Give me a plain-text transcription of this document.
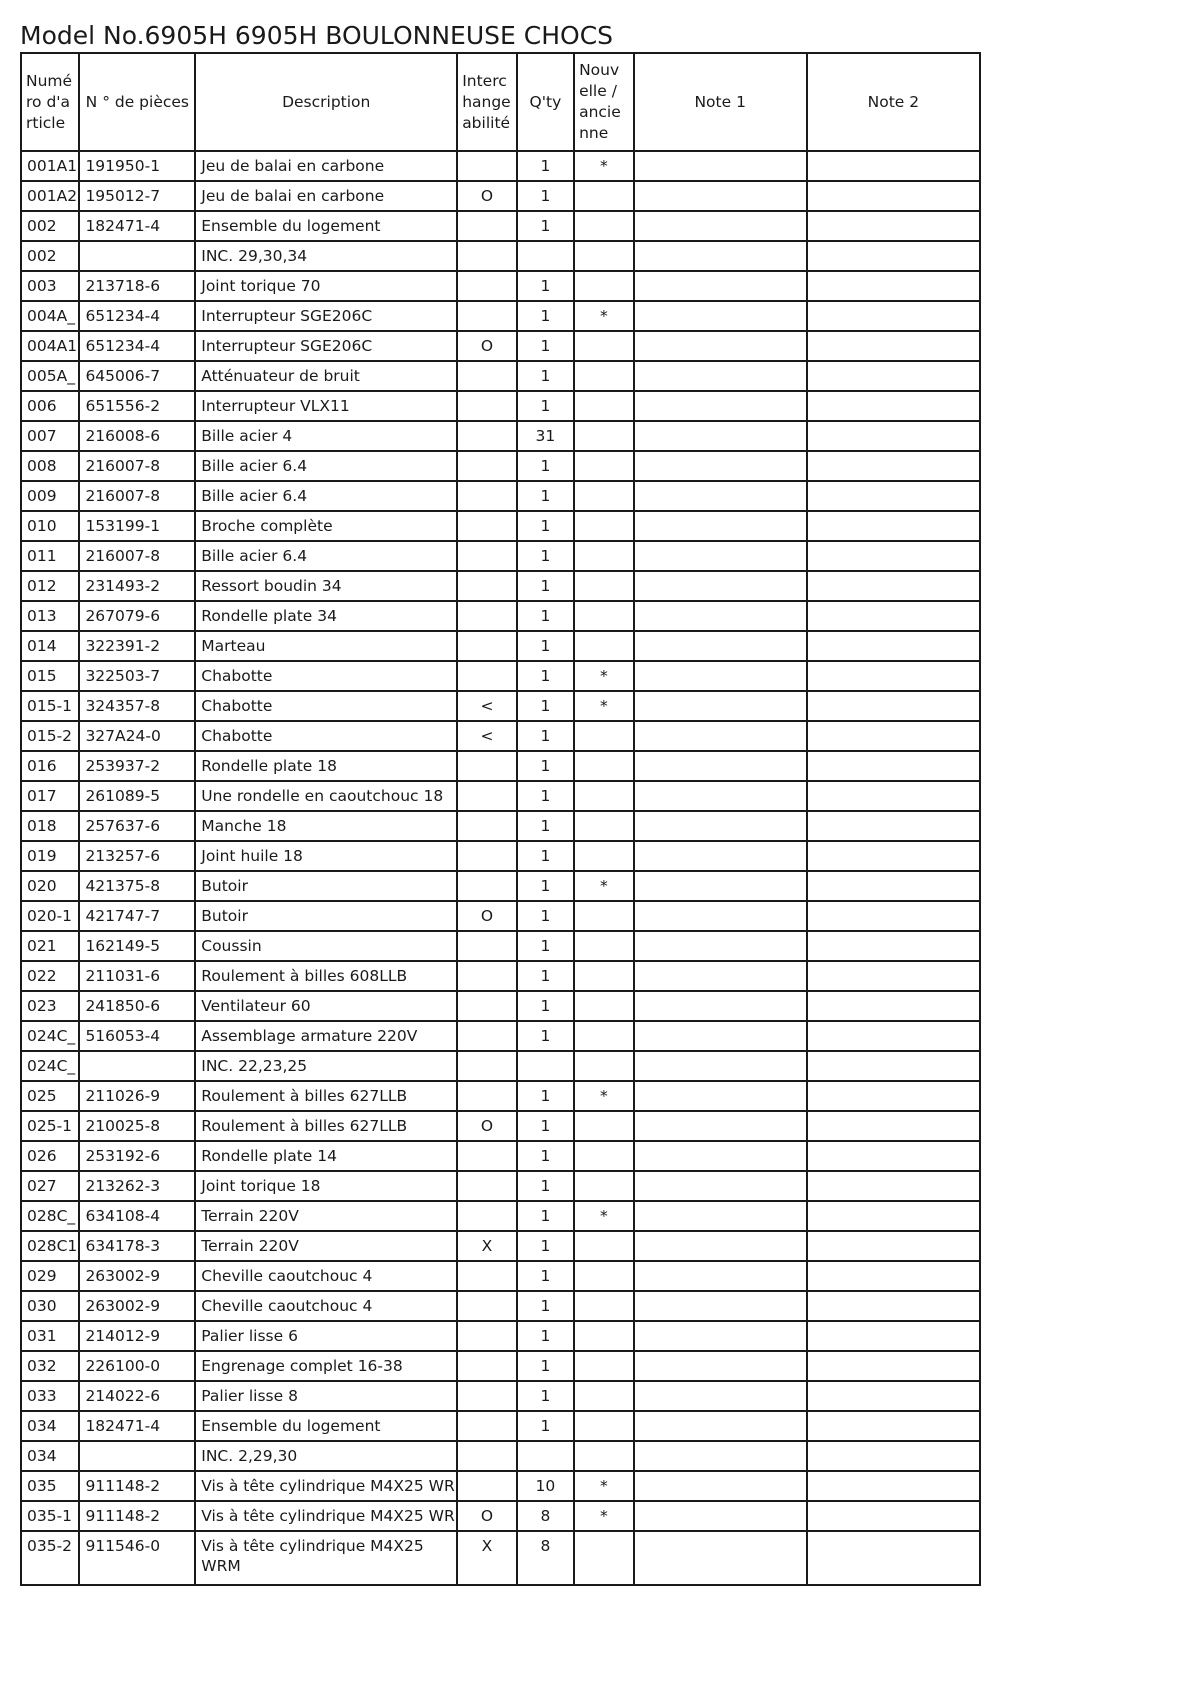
Model No.6905H 6905H BOULONNEUSE CHOCS
Numéro d'article	N ° de pièces	Description	Interchangeabilité	Q'ty	Nouvelle / ancienne	Note 1	Note 2
001A1	191950-1	Jeu de balai en carbone		1	*		
001A2	195012-7	Jeu de balai en carbone	O	1			
002	182471-4	Ensemble du logement		1			
002		INC. 29,30,34					
003	213718-6	Joint torique 70		1			
004A_	651234-4	Interrupteur SGE206C		1	*		
004A1	651234-4	Interrupteur SGE206C	O	1			
005A_	645006-7	Atténuateur de bruit		1			
006	651556-2	Interrupteur VLX11		1			
007	216008-6	Bille acier 4		31			
008	216007-8	Bille acier 6.4		1			
009	216007-8	Bille acier 6.4		1			
010	153199-1	Broche complète		1			
011	216007-8	Bille acier 6.4		1			
012	231493-2	Ressort boudin 34		1			
013	267079-6	Rondelle plate 34		1			
014	322391-2	Marteau		1			
015	322503-7	Chabotte		1	*		
015-1	324357-8	Chabotte	<	1	*		
015-2	327A24-0	Chabotte	<	1			
016	253937-2	Rondelle plate 18		1			
017	261089-5	Une rondelle en caoutchouc 18		1			
018	257637-6	Manche 18		1			
019	213257-6	Joint huile 18		1			
020	421375-8	Butoir		1	*		
020-1	421747-7	Butoir	O	1			
021	162149-5	Coussin		1			
022	211031-6	Roulement à billes 608LLB		1			
023	241850-6	Ventilateur 60		1			
024C_	516053-4	Assemblage armature 220V		1			
024C_		INC. 22,23,25					
025	211026-9	Roulement à billes 627LLB		1	*		
025-1	210025-8	Roulement à billes 627LLB	O	1			
026	253192-6	Rondelle plate 14		1			
027	213262-3	Joint torique 18		1			
028C_	634108-4	Terrain 220V		1	*		
028C1	634178-3	Terrain 220V	X	1			
029	263002-9	Cheville caoutchouc 4		1			
030	263002-9	Cheville caoutchouc 4		1			
031	214012-9	Palier lisse 6		1			
032	226100-0	Engrenage complet 16-38		1			
033	214022-6	Palier lisse 8		1			
034	182471-4	Ensemble du logement		1			
034		INC. 2,29,30					
035	911148-2	Vis à tête cylindrique M4X25 WR		10	*		
035-1	911148-2	Vis à tête cylindrique M4X25 WR	O	8	*		
035-2	911546-0	Vis à tête cylindrique M4X25 WRM	X	8			
